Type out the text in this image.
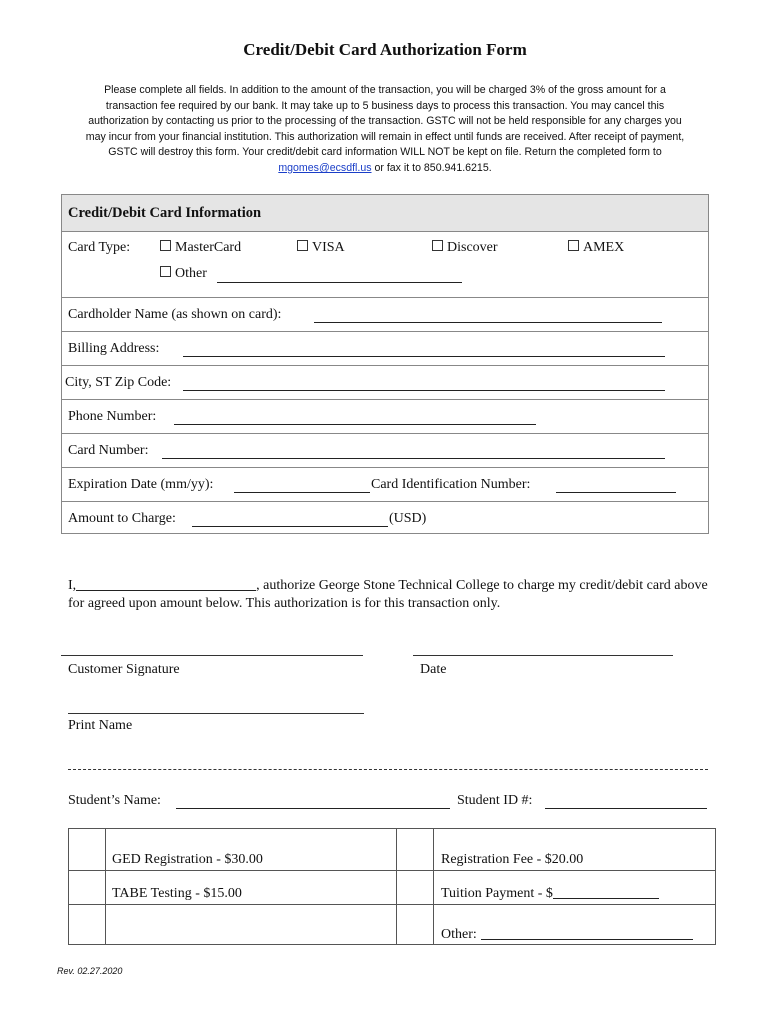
Credit/Debit Card Authorization Form
Please complete all fields. In addition to the amount of the transaction, you will be charged 3% of the gross amount for a transaction fee required by our bank. It may take up to 5 business days to process this transaction. You may cancel this authorization by contacting us prior to the processing of the transaction. GSTC will not be held responsible for any charges you may incur from your financial institution. This authorization will remain in effect until funds are received. After receipt of payment, GSTC will destroy this form. Your credit/debit card information WILL NOT be kept on file. Return the completed form to mgomes@ecsdfl.us or fax it to 850.941.6215.
Credit/Debit Card Information
Card Type:	MasterCard	VISA	Discover	AMEX
Other
Cardholder Name (as shown on card):
Billing Address:
City, ST Zip Code:
Phone Number:
Card Number:
Expiration Date (mm/yy):	Card Identification Number:
Amount to Charge:	(USD)
I,	, authorize George Stone Technical College to charge my credit/debit card above for agreed upon amount below. This authorization is for this transaction only.
Customer Signature	Date
Print Name
Student’s Name:	Student ID #:
	GED Registration - $30.00		Registration Fee - $20.00
	TABE Testing - $15.00		Tuition Payment - $
			Other:
Rev. 02.27.2020
